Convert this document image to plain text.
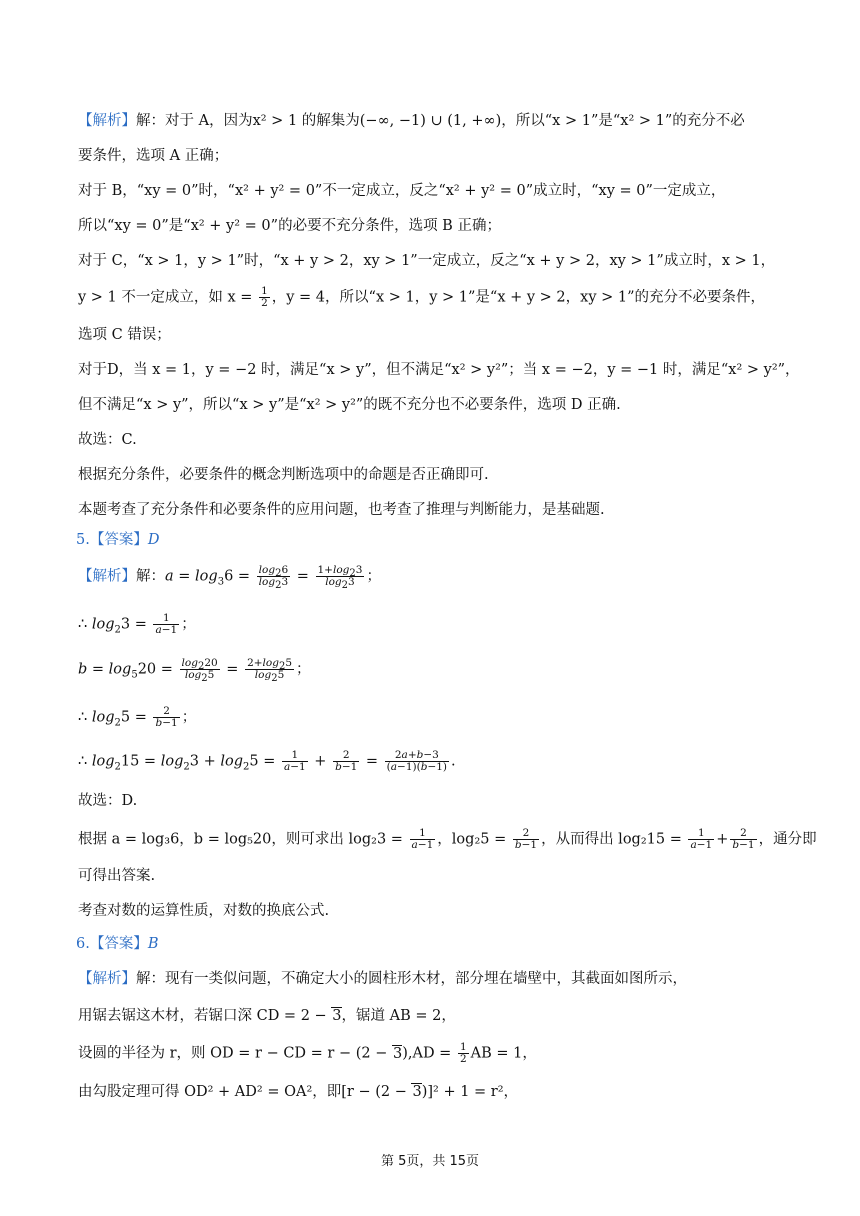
【解析】解：对于 A，因为x² > 1 的解集为(−∞, −1) ∪ (1, +∞)，所以“x > 1”是“x² > 1”的充分不必
要条件，选项 A 正确；
对于 B，“xy = 0”时，“x² + y² = 0”不一定成立，反之“x² + y² = 0”成立时，“xy = 0”一定成立，
所以“xy = 0”是“x² + y² = 0”的必要不充分条件，选项 B 正确；
对于 C，“x > 1，y > 1”时，“x + y > 2，xy > 1”一定成立，反之“x + y > 2，xy > 1”成立时，x > 1，
y > 1 不一定成立，如 $x = \frac{1}{2}$ ，y = 4，所以“x > 1，y > 1”是“x + y > 2，xy > 1”的充分不必要条件，
选项 C 错误；
对于D，当 x = 1，y = −2 时，满足“x > y”，但不满足“x² > y²”；当 x = −2，y = −1 时，满足“x² > y²”，
但不满足“x > y”，所以“x > y”是“x² > y²”的既不充分也不必要条件，选项 D 正确.
故选：C.
根据充分条件，必要条件的概念判断选项中的命题是否正确即可.
本题考查了充分条件和必要条件的应用问题，也考查了推理与判断能力，是基础题.
5.【答案】D
【解析】解：$a = \log_36 = \frac{\log_26}{\log_23} = \frac{1+\log_23}{\log_23}$ ；
∴ $\log_23 = \frac{1}{a-1}$ ；
$b = \log_520 = \frac{\log_220}{\log_25} = \frac{2+\log_25}{\log_25}$ ；
∴ $\log_25 = \frac{2}{b-1}$ ；
∴ $\log_215 = \log_23 + \log_25 = \frac{1}{a-1} + \frac{2}{b-1} = \frac{2a+b-3}{(a-1)(b-1)}$ .
故选：D.
根据 a = log₃6，b = log₅20，则可求出 $\log_23 = \frac{1}{a-1}$ ，$\log_25 = \frac{2}{b-1}$ ，从而得出 $\log_215 = \frac{1}{a-1} + \frac{2}{b-1}$ ，通分即
可得出答案.
考查对数的运算性质，对数的换底公式.
6.【答案】B
【解析】解：现有一类似问题，不确定大小的圆柱形木材，部分埋在墙壁中，其截面如图所示，
用锯去锯这木材，若锯口深 CD = 2 − 3，锯道 AB = 2，
设圆的半径为 r，则 OD = r − CD = $r - (2 - 3),AD = \frac{1}{2}$ AB = 1，
由勾股定理可得 OD² + AD² = OA²，即[r − (2 − 3)]² + 1 = r²，
第 5页，共 15页
